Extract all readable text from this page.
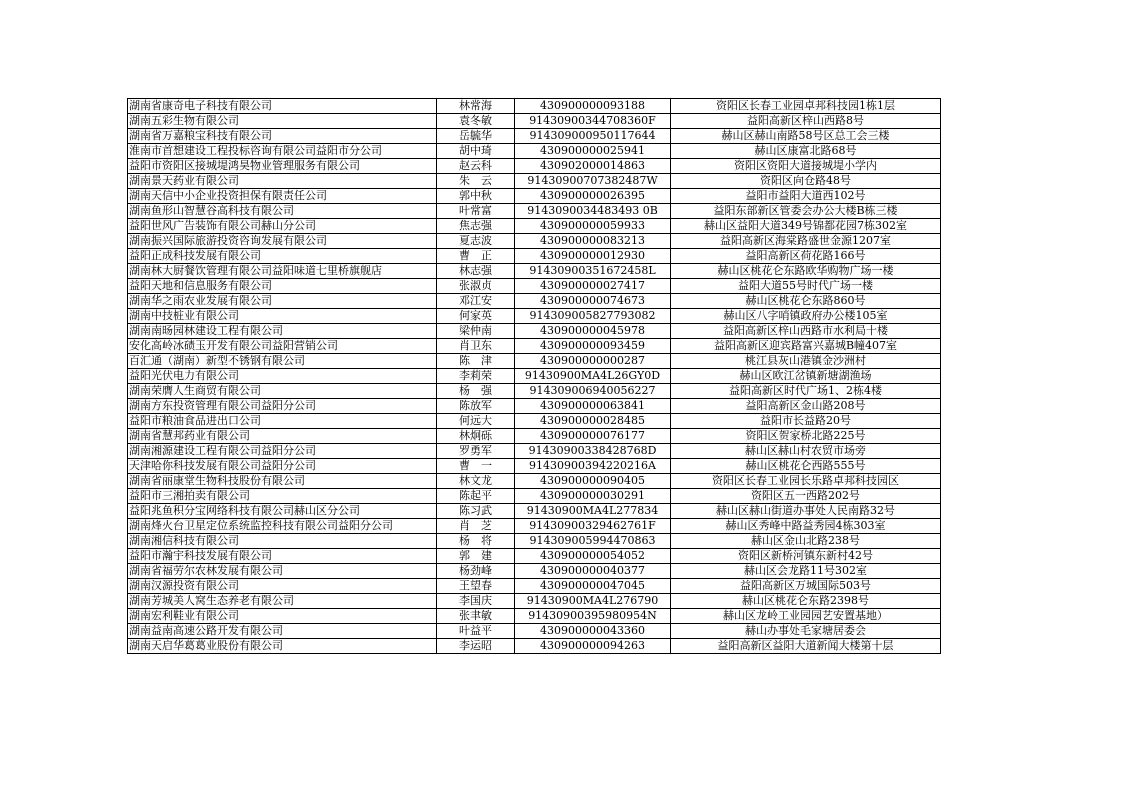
湖南省康奇电子科技有限公司	林常海	430900000093188	资阳区长春工业园卓邦科技园1栋1层
湖南五彩生物有限公司	袁冬敏	91430900344708360F	益阳高新区梓山西路8号
湖南省万嘉粮宝科技有限公司	岳毓华	914309000950117644	赫山区赫山南路58号区总工会三楼
淮南市首想建设工程投标咨询有限公司益阳市分公司	胡中琦	430900000025941	赫山区康富北路68号
益阳市资阳区接城堤鸿昊物业管理服务有限公司	赵云科	430902000014863	资阳区资阳大道接城堤小学内
湖南景天药业有限公司	朱　云	91430900707382487W	资阳区向仓路48号
湖南天信中小企业投资担保有限责任公司	郭中秋	430900000026395	益阳市益阳大道西102号
湖南鱼形山智慧谷高科技有限公司	叶常富	9143090034483493 0B	益阳东部新区管委会办公大楼B栋三楼
益阳世风广告装饰有限公司赫山分公司	焦志强	430900000059933	赫山区益阳大道349号锦都花园7栋302室
湖南振兴国际旅游投资咨询发展有限公司	夏志波	430900000083213	益阳高新区海棠路盛世金源1207室
益阳正成科技发展有限公司	曹　正	430900000012930	益阳高新区荷花路166号
湖南林大厨餐饮管理有限公司益阳味道七里桥旗舰店	林志强	91430900351672458L	赫山区桃花仑东路欧华购物广场一楼
益阳天地和信息服务有限公司	张淑贞	430900000027417	益阳大道55号时代广场一楼
湖南华之雨农业发展有限公司	邓江安	430900000074673	赫山区桃花仑东路860号
湖南中技桩业有限公司	何家英	914309005827793082	赫山区八字哨镇政府办公楼105室
湖南南旸园林建设工程有限公司	梁仲南	430900000045978	益阳高新区梓山西路市水利局十楼
安化高岭冰碛玉开发有限公司益阳营销公司	肖卫东	430900000093459	益阳高新区迎宾路富兴嘉城B幢407室
百汇通（湖南）新型不锈钢有限公司	陈　津	430900000000287	桃江县灰山港镇金沙洲村
益阳光伏电力有限公司	李莉荣	91430900MA4L26GY0D	赫山区欧江岔镇新塘湖渔场
湖南荣膺人生商贸有限公司	杨　强	914309006940056227	益阳高新区时代广场1、2栋4楼
湖南方东投资管理有限公司益阳分公司	陈放军	430900000063841	益阳高新区金山路208号
益阳市粮油食品进出口公司	何远大	430900000028485	益阳市长益路20号
湖南省慧邦药业有限公司	林炯砾	430900000076177	资阳区贺家桥北路225号
湖南湘源建设工程有限公司益阳分公司	罗勇军	91430900338428768D	赫山区赫山村农贸市场旁
天津哈你科技发展有限公司益阳分公司	曹　一	91430900394220216A	赫山区桃花仑西路555号
湖南省丽康堂生物科技股份有限公司	林文龙	430900000090405	资阳区长春工业园长乐路卓邦科技园区
益阳市三湘拍卖有限公司	陈起平	430900000030291	资阳区五一西路202号
益阳兆鱼积分宝网络科技有限公司赫山区分公司	陈习武	91430900MA4L277834	赫山区赫山街道办事处人民南路32号
湖南烽火台卫星定位系统监控科技有限公司益阳分公司	肖　芝	91430900329462761F	赫山区秀峰中路益秀园4栋303室
湖南湘信科技有限公司	杨　将	914309005994470863	赫山区金山北路238号
益阳市瀚宇科技发展有限公司	郭　建	430900000054052	资阳区新桥河镇东新村42号
湖南省福劳尔农林发展有限公司	杨劲峰	430900000040377	赫山区会龙路11号302室
湖南汉源投资有限公司	王望春	430900000047045	益阳高新区万城国际503号
湖南芳城美人窝生态养老有限公司	李国庆	91430900MA4L276790	赫山区桃花仑东路2398号
湖南宏利鞋业有限公司	张聿敏	91430900395980954N	赫山区龙岭工业园园艺安置基地）
湖南益南高速公路开发有限公司	叶益平	430900000043360	赫山办事处毛家塘居委会
湖南天启华葛葛业股份有限公司	李运昭	430900000094263	益阳高新区益阳大道新闻大楼第十层
